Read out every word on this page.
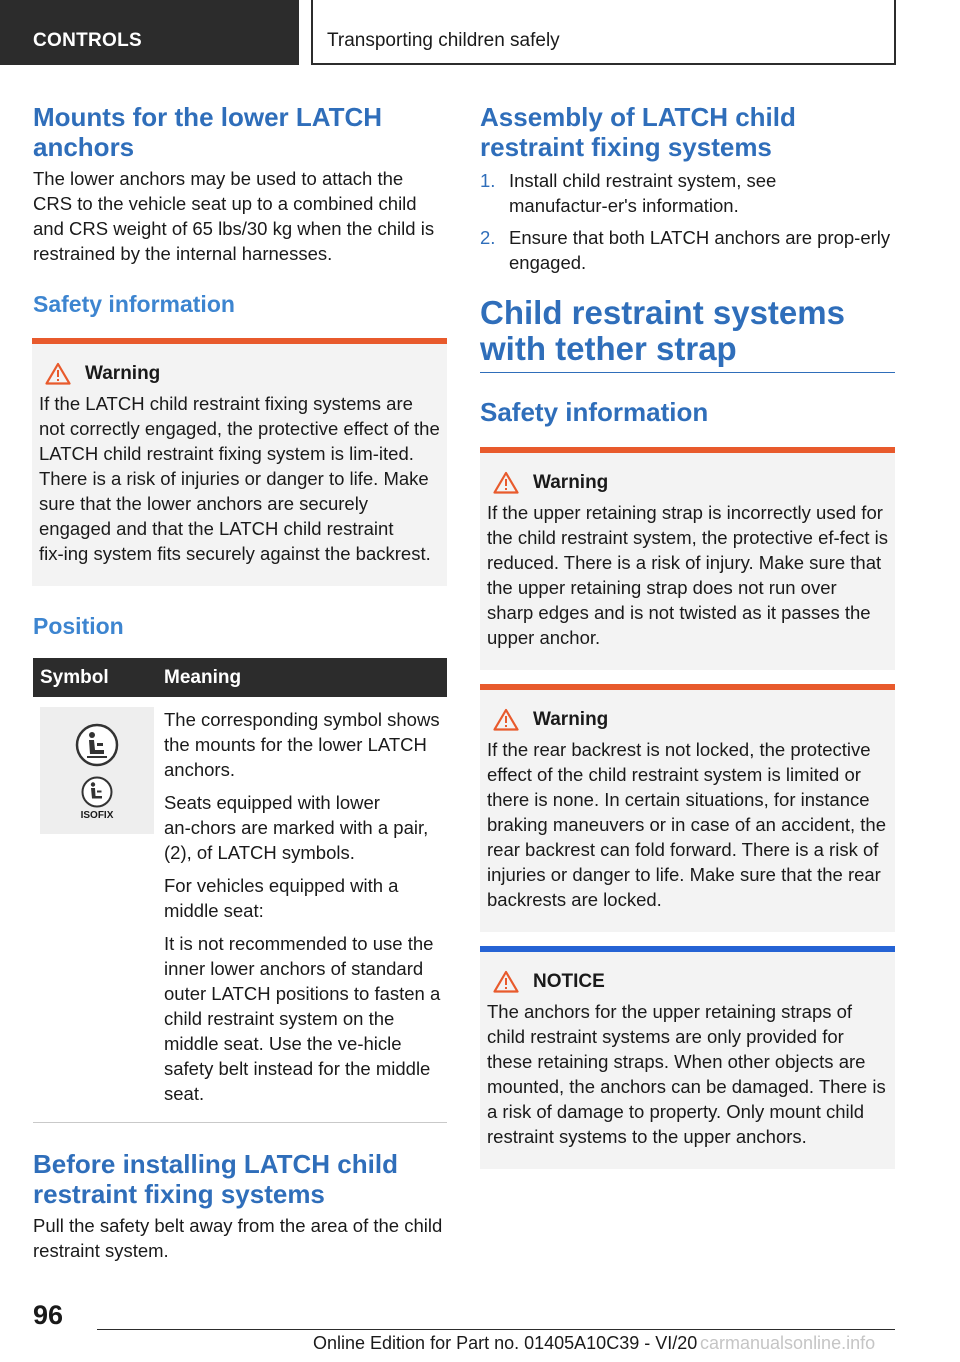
CONTROLS	Transporting children safely
Mounts for the lower LATCH anchors

The lower anchors may be used to attach the CRS to the vehicle seat up to a combined child and CRS weight of 65 lbs/30 kg when the child is restrained by the internal harnesses.

Safety information
Warning

If the LATCH child restraint fixing systems are not correctly engaged, the protective effect of the LATCH child restraint fixing system is lim‑ited. There is a risk of injuries or danger to life. Make sure that the lower anchors are securely engaged and that the LATCH child restraint fix‑ing system fits securely against the backrest.

Position
Symbol	Meaning
ISOFIX

The corresponding symbol shows the mounts for the lower LATCH anchors.

Seats equipped with lower an‑chors are marked with a pair, (2), of LATCH symbols.

For vehicles equipped with a middle seat:

It is not recommended to use the inner lower anchors of standard outer LATCH positions to fasten a child restraint system on the middle seat. Use the ve‑hicle safety belt instead for the middle seat.

Before installing LATCH child restraint fixing systems

Pull the safety belt away from the area of the child restraint system.

Assembly of LATCH child restraint fixing systems
1. Install child restraint system, see manufactur‑er's information.
2. Ensure that both LATCH anchors are prop‑erly engaged.
Child restraint systems with tether strap
Safety information
Warning

If the upper retaining strap is incorrectly used for the child restraint system, the protective ef‑fect is reduced. There is a risk of injury. Make sure that the upper retaining strap does not run over sharp edges and is not twisted as it passes the upper anchor.

Warning

If the rear backrest is not locked, the protective effect of the child restraint system is limited or there is none. In certain situations, for instance braking maneuvers or in case of an accident, the rear backrest can fold forward. There is a risk of injuries or danger to life. Make sure that the rear backrests are locked.

NOTICE

The anchors for the upper retaining straps of child restraint systems are only provided for these retaining straps. When other objects are mounted, the anchors can be damaged. There is a risk of damage to property. Only mount child restraint systems to the upper anchors.

96
Online Edition for Part no. 01405A10C39 - VI/20 carmanualsonline.info
